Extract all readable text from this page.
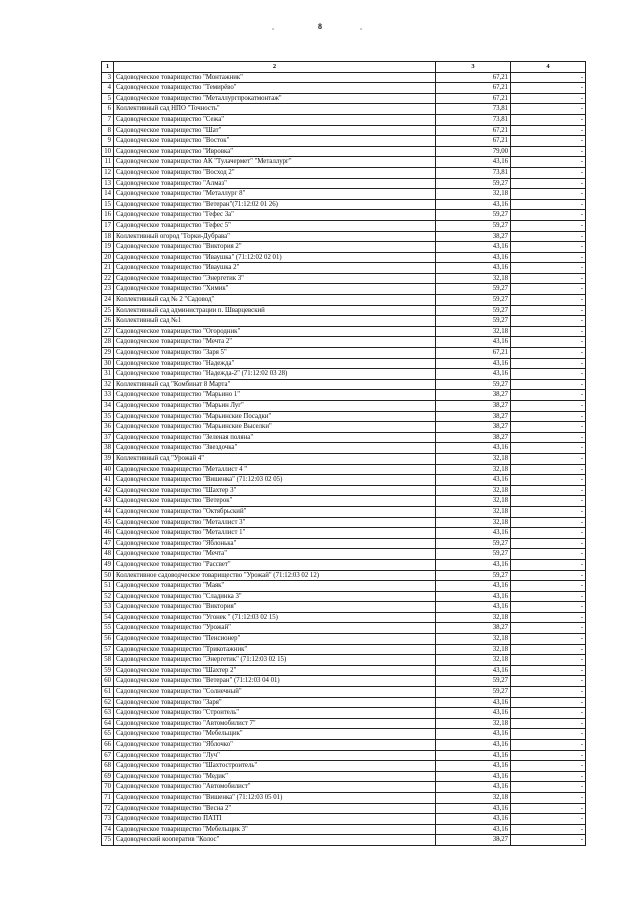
8
1	2	3	4
3	Садоводческое товарищество "Монтажник"	67,21	-
4	Садоводческое товарищество "Темирёво"	67,21	-
5	Садоводческое товарищество "Металлургпрокатмонтаж"	67,21	-
6	Коллективный сад НПО "Точность"	73,81	-
7	Садоводческое товарищество "Сежа"	73,81	-
8	Садоводческое товарищество "Шат"	67,21	-
9	Садоводческое товарищество "Восток"	67,21	-
10	Садоводческое товарищество "Ивровка"	79,00	-
11	Садоводческое товарищество АК "Тулачермет" "Металлург"	43,16	-
12	Садоводческое товарищество "Восход 2"	73,81	-
13	Садоводческое товарищество "Алмаз"	59,27	-
14	Садоводческое товарищество "Металлург 8"	32,18	-
15	Садоводческое товарищество "Ветеран"(71:12:02 01 26)	43,16	-
16	Садоводческое товарищество "Гефес 3а"	59,27	-
17	Садоводческое товарищество "Гефес 5"	59,27	-
18	Коллективный огород "Горки-Дубрава"	38,27	-
19	Садоводческое товарищество "Виктория 2"	43,16	-
20	Садоводческое товарищество "Иваушка" (71:12:02 02 01)	43,16	-
21	Садоводческое товарищество "Иваушка 2"	43,16	-
22	Садоводческое товарищество "Энергетик 3"	32,18	-
23	Садоводческое товарищество "Химик"	59,27	-
24	Коллективный сад № 2 "Садовод"	59,27	-
25	Коллективный сад администрации п. Шварцевский	59,27	-
26	Коллективный сад №1	59,27	-
27	Садоводческое товарищество "Огородник"	32,18	-
28	Садоводческое товарищество "Мечта 2"	43,16	-
29	Садоводческое товарищество "Заря 5"	67,21	-
30	Садоводческое товарищество "Надежда"	43,16	-
31	Садоводческое товарищество "Надежда-2" (71:12:02 03 28)	43,16	-
32	Коллективный сад "Комбинат 8 Марта"	59,27	-
33	Садоводческое товарищество "Марьино 1"	38,27	-
34	Садоводческое товарищество "Марьин Луг"	38,27	-
35	Садоводческое товарищество "Марьинские Посадки"	38,27	-
36	Садоводческое товарищество "Марьинские Выселки"	38,27	-
37	Садоводческое товарищество "Зеленая поляна"	38,27	-
38	Садоводческое товарищество "Звездочка"	43,16	-
39	Коллективный сад "Урожай 4"	32,18	-
40	Садоводческое товарищество "Металлист 4 "	32,18	-
41	Садоводческое товарищество "Вишенка" (71:12:03 02 05)	43,16	-
42	Садоводческое товарищество "Шахтер 3"	32,18	-
43	Садоводческое товарищество "Ветерок"	32,18	-
44	Садоводческое товарищество "Октябрьский"	32,18	-
45	Садоводческое товарищество "Металлист 3"	32,18	-
46	Садоводческое товарищество "Металлист 1"	43,16	-
47	Садоводческое товарищество "Яблонька"	59,27	-
48	Садоводческое товарищество "Мечта"	59,27	-
49	Садоводческое товарищество "Рассвет"	43,16	-
50	Коллективное садоводческое товарищество "Урожай" (71:12:03 02 12)	59,27	-
51	Садоводческое товарищество "Маяк"	43,16	-
52	Садоводческое товарищество "Сладинка 3"	43,16	-
53	Садоводческое товарищество "Виктория"	43,16	-
54	Садоводческое товарищество "Угонек " (71:12:03 02 15)	32,18	-
55	Садоводческое товарищество "Урожай"	38,27	-
56	Садоводческое товарищество "Пенсионер"	32,18	-
57	Садоводческое товарищество "Трикотажник"	32,18	-
58	Садоводческое товарищество "Энергетик" (71:12:03 02 15)	32,18	-
59	Садоводческое товарищество "Шахтер 2"	43,16	-
60	Садоводческое товарищество "Ветеран" (71:12:03 04 01)	59,27	-
61	Садоводческое товарищество "Солнечный"	59,27	-
62	Садоводческое товарищество "Заря"	43,16	-
63	Садоводческое товарищество "Строитель"	43,16	-
64	Садоводческое товарищество "Автомобилист 7"	32,18	-
65	Садоводческое товарищество "Мебельщик"	43,16	-
66	Садоводческое товарищество "Яблочко"	43,16	-
67	Садоводческое товарищество "Луч"	43,16	-
68	Садоводческое товарищество "Шахтостроитель"	43,16	-
69	Садоводческое товарищество "Медик"	43,16	-
70	Садоводческое товарищество "Автомобилист"	43,16	-
71	Садоводческое товарищество "Вишенка" (71:12:03 05 01)	32,18	-
72	Садоводческое товарищество "Весна 2"	43,16	-
73	Садоводческое товарищество ПАТП	43,16	-
74	Садоводческое товарищество "Мебельщик 3"	43,16	-
75	Садоводческий кооператив "Колос"	38,27	-
